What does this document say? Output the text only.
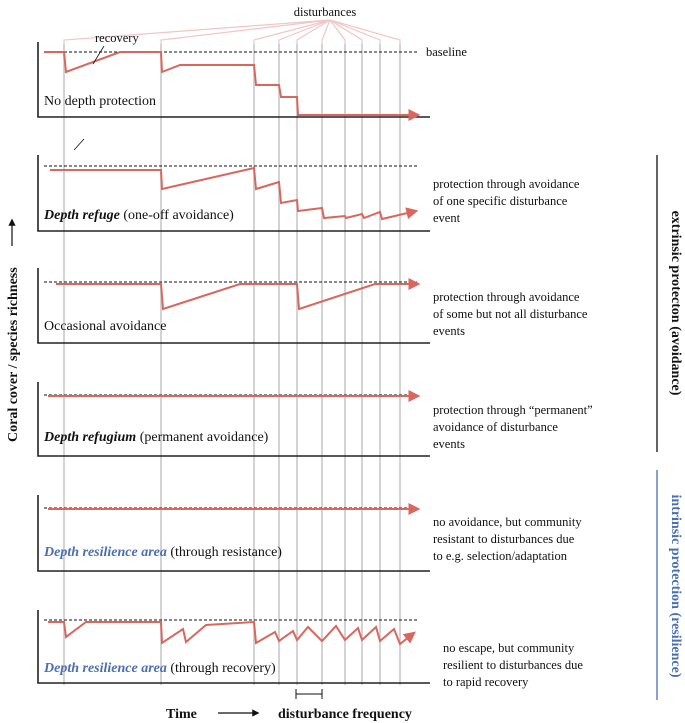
disturbances
recovery
baseline
No depth protection
Depth refuge (one-off avoidance)
Occasional avoidance
Depth refugium (permanent avoidance)
Depth resilience area (through resistance)
Depth resilience area (through recovery)
protection through avoidance
of one specific disturbance
event
protection through avoidance
of some but not all disturbance
events
protection through “permanent”
avoidance of disturbance
events
no avoidance, but community
resistant to disturbances due
to e.g. selection/adaptation
no escape, but community
resilient to disturbances due
to rapid recovery
extrinsic protecton (avoidance)
intrinsic protection (resilience)
Coral cover / species richness
Time	disturbance frequency
